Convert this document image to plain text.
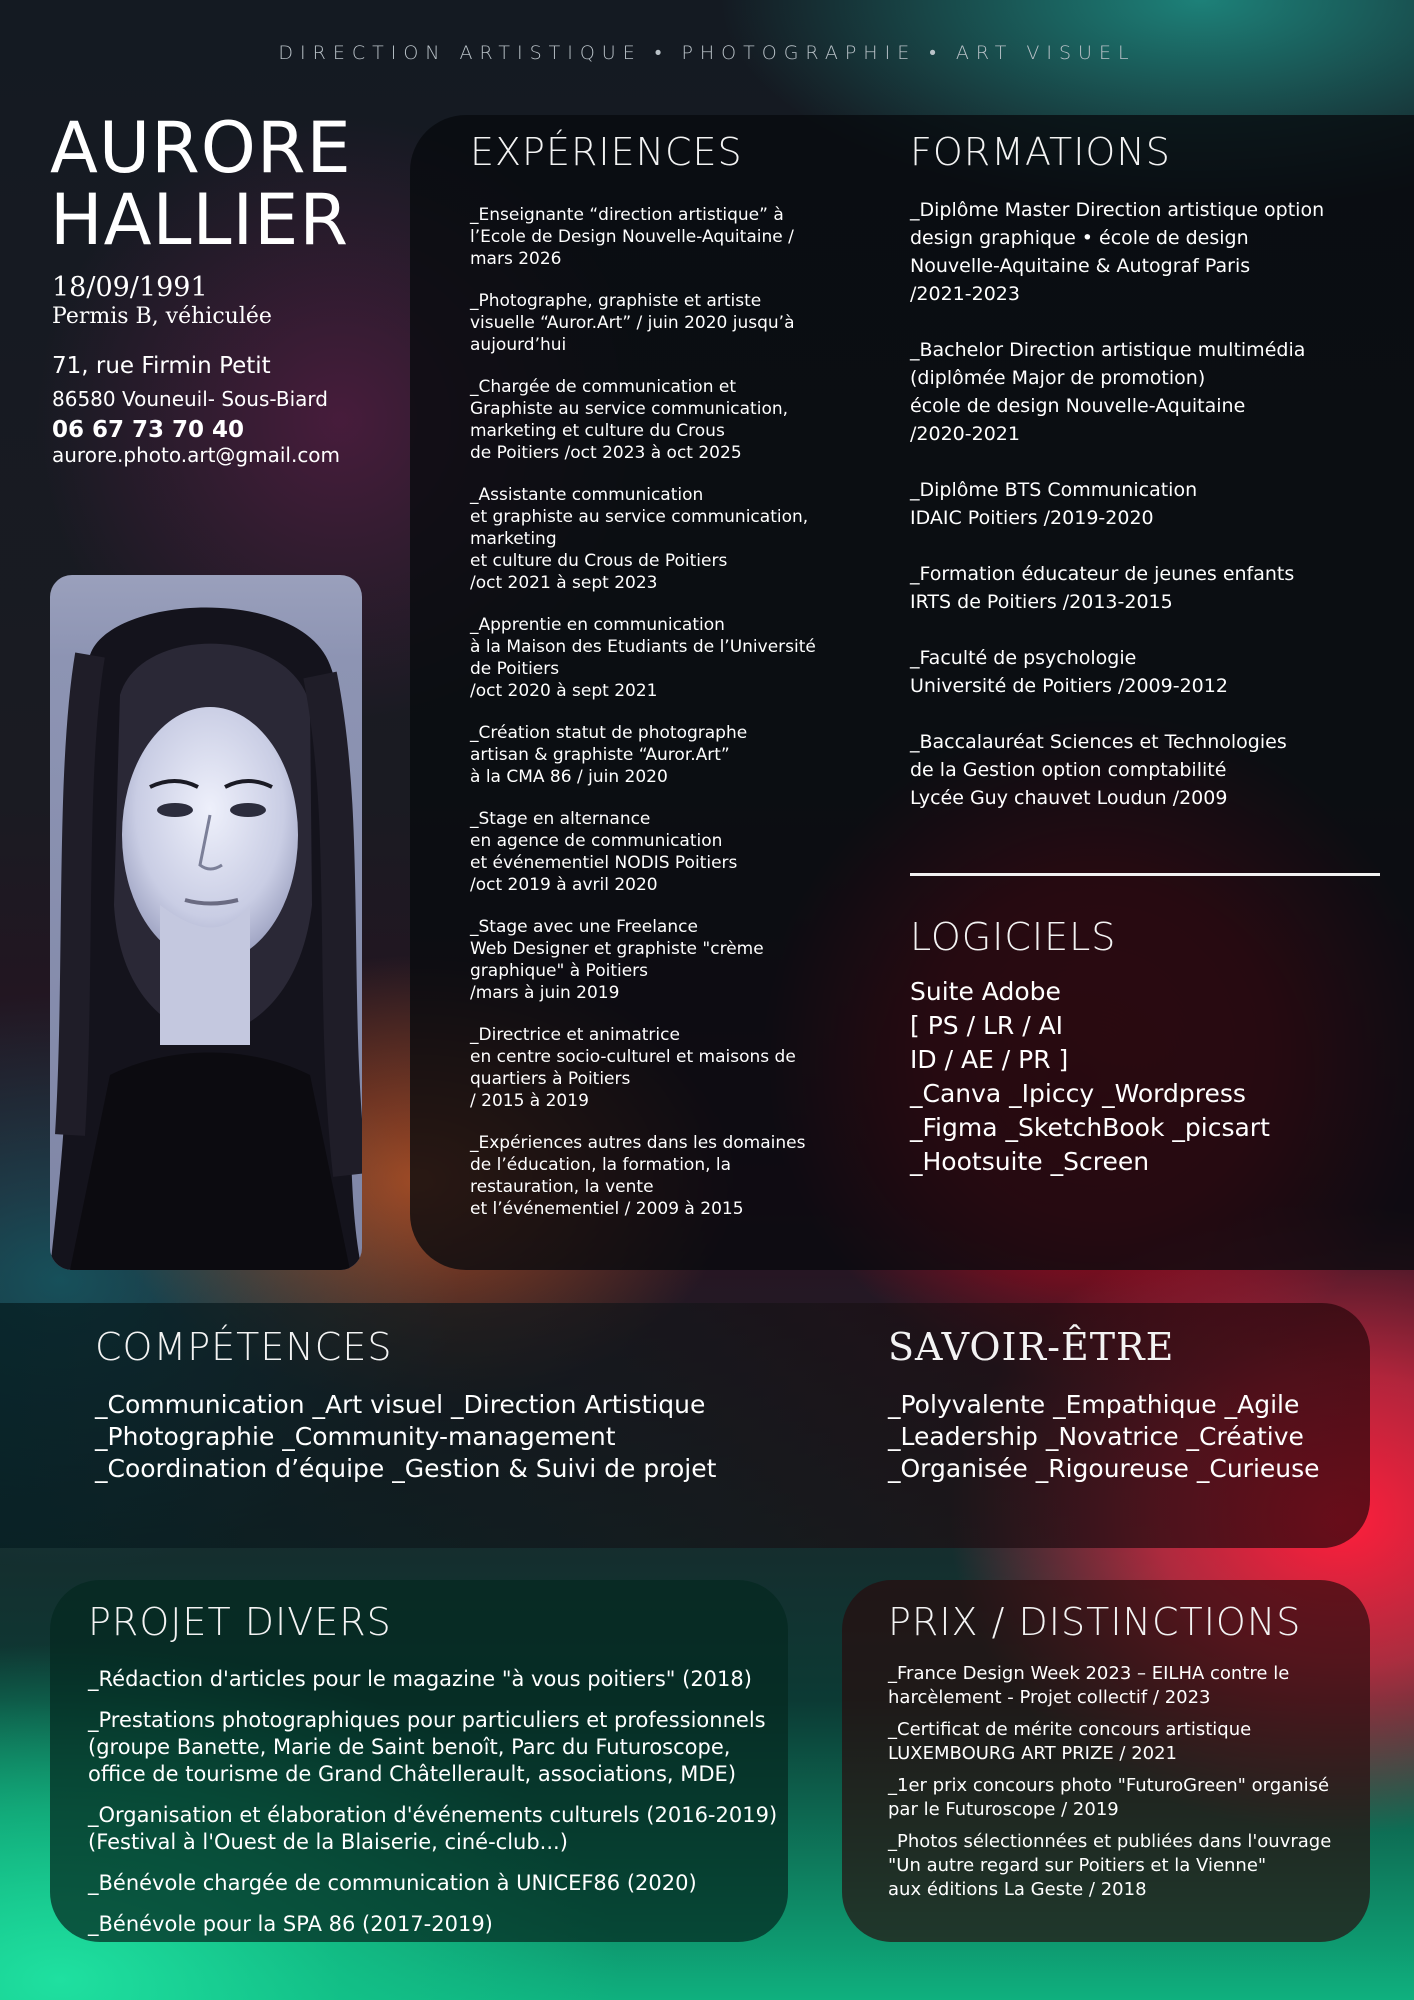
DIRECTION ARTISTIQUE • PHOTOGRAPHIE • ART VISUEL
AURORE
HALLIER

18/09/1991

Permis B, véhiculée

71, rue Firmin Petit

86580 Vouneuil- Sous-Biard

06 67 73 70 40

aurore.photo.art@gmail.com

EXPÉRIENCES

_Enseignante “direction artistique” à
l’Ecole de Design Nouvelle-Aquitaine /
mars 2026

_Photographe, graphiste et artiste
visuelle “Auror.Art” / juin 2020 jusqu’à
aujourd’hui

_Chargée de communication et
Graphiste au service communication,
marketing et culture du Crous
de Poitiers /oct 2023 à oct 2025

_Assistante communication
et graphiste au service communication,
marketing
et culture du Crous de Poitiers
/oct 2021 à sept 2023

_Apprentie en communication
à la Maison des Etudiants de l’Université
de Poitiers
/oct 2020 à sept 2021

_Création statut de photographe
artisan & graphiste “Auror.Art”
à la CMA 86 / juin 2020

_Stage en alternance
en agence de communication
et événementiel NODIS Poitiers
/oct 2019 à avril 2020

_Stage avec une Freelance
Web Designer et graphiste "crème
graphique" à Poitiers
/mars à juin 2019

_Directrice et animatrice
en centre socio-culturel et maisons de
quartiers à Poitiers
/ 2015 à 2019

_Expériences autres dans les domaines
de l’éducation, la formation, la
restauration, la vente
et l’événementiel / 2009 à 2015

FORMATIONS

_Diplôme Master Direction artistique option
design graphique • école de design
Nouvelle-Aquitaine & Autograf Paris
/2021-2023

_Bachelor Direction artistique multimédia
(diplômée Major de promotion)
école de design Nouvelle-Aquitaine
/2020-2021

_Diplôme BTS Communication
IDAIC Poitiers /2019-2020

_Formation éducateur de jeunes enfants
IRTS de Poitiers /2013-2015

_Faculté de psychologie
Université de Poitiers /2009-2012

_Baccalauréat Sciences et Technologies
de la Gestion option comptabilité
Lycée Guy chauvet Loudun /2009

LOGICIELS

Suite Adobe

[ PS / LR / AI

ID / AE / PR ]

_Canva _Ipiccy _Wordpress

_Figma _SketchBook _picsart

_Hootsuite _Screen

COMPÉTENCES

_Communication _Art visuel _Direction Artistique

_Photographie _Community-management

_Coordination d’équipe _Gestion & Suivi de projet

SAVOIR-ÊTRE

_Polyvalente _Empathique _Agile

_Leadership _Novatrice _Créative

_Organisée _Rigoureuse _Curieuse

PROJET DIVERS

_Rédaction d'articles pour le magazine "à vous poitiers" (2018)

_Prestations photographiques pour particuliers et professionnels
(groupe Banette, Marie de Saint benoît, Parc du Futuroscope,
office de tourisme de Grand Châtellerault, associations, MDE)

_Organisation et élaboration d'événements culturels (2016-2019)
(Festival à l'Ouest de la Blaiserie, ciné-club...)

_Bénévole chargée de communication à UNICEF86 (2020)

_Bénévole pour la SPA 86 (2017-2019)

PRIX / DISTINCTIONS

_France Design Week 2023 – EILHA contre le
harcèlement - Projet collectif / 2023

_Certificat de mérite concours artistique
LUXEMBOURG ART PRIZE / 2021

_1er prix concours photo "FuturoGreen" organisé
par le Futuroscope / 2019

_Photos sélectionnées et publiées dans l'ouvrage
"Un autre regard sur Poitiers et la Vienne"
aux éditions La Geste / 2018
